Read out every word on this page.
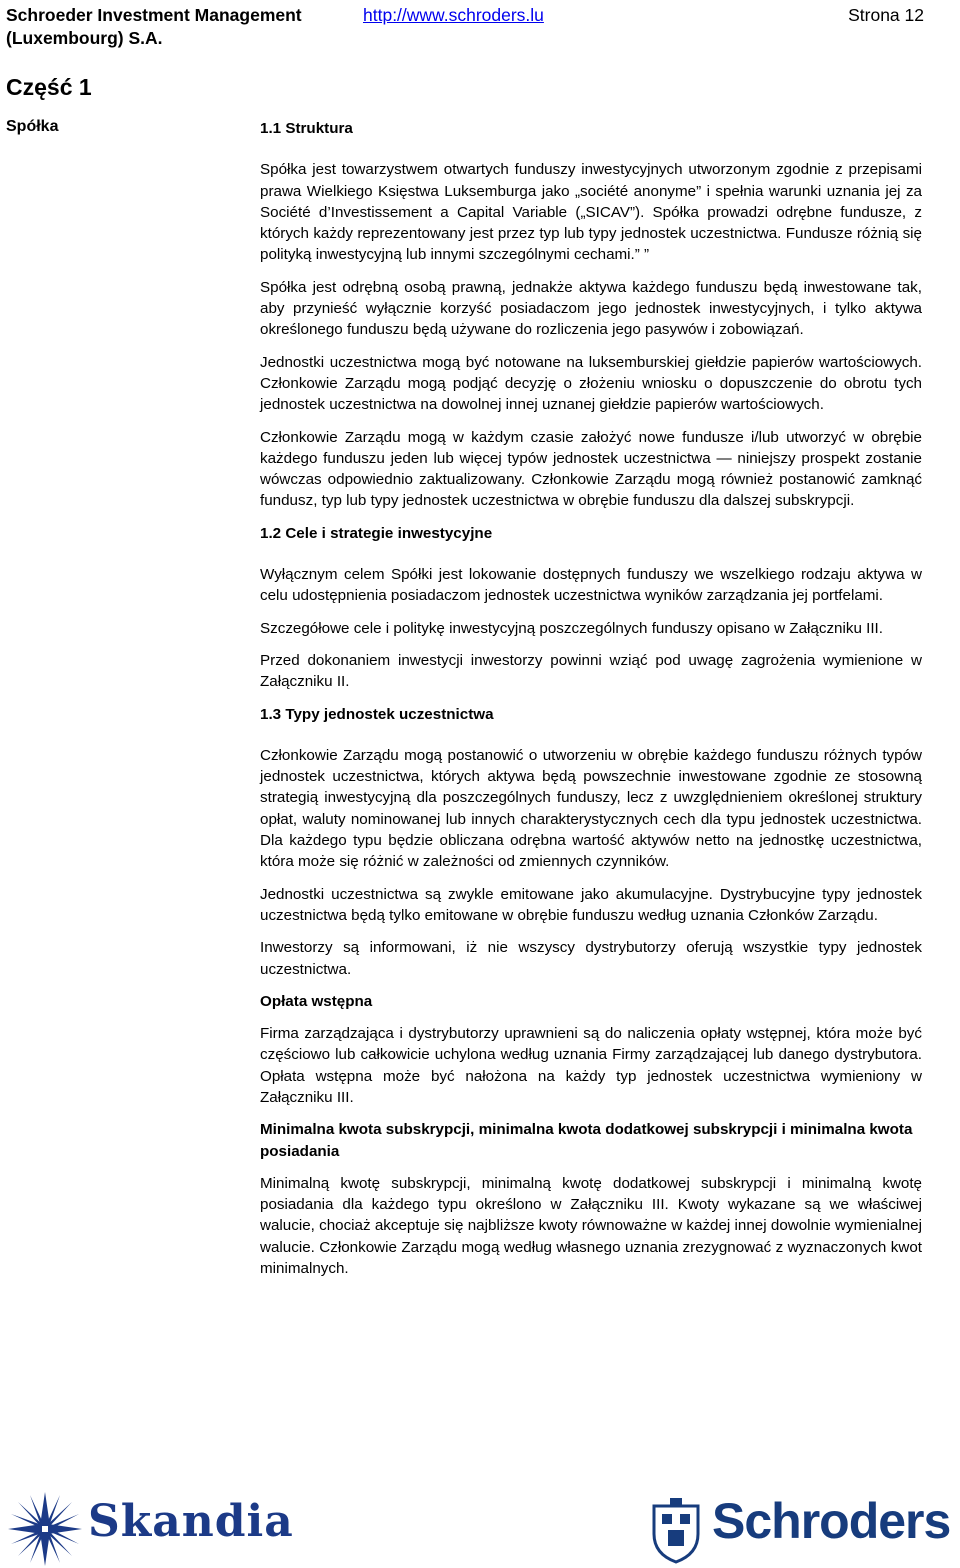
Schroeder Investment Management (Luxembourg) S.A.
http://www.schroders.lu	Strona 12
Część 1
Spółka	1.1 Struktura

Spółka jest towarzystwem otwartych funduszy inwestycyjnych utworzonym zgodnie z przepisami prawa Wielkiego Księstwa Luksemburga jako „société anonyme” i spełnia warunki uznania jej za Société d’Investissement a Capital Variable („SICAV”). Spółka prowadzi odrębne fundusze, z których każdy reprezentowany jest przez typ lub typy jednostek uczestnictwa. Fundusze różnią się polityką inwestycyjną lub innymi szczególnymi cechami.” ”

Spółka jest odrębną osobą prawną, jednakże aktywa każdego funduszu będą inwestowane tak, aby przynieść wyłącznie korzyść posiadaczom jego jednostek inwestycyjnych, i tylko aktywa określonego funduszu będą używane do rozliczenia jego pasywów i zobowiązań.

Jednostki uczestnictwa mogą być notowane na luksemburskiej giełdzie papierów wartościowych. Członkowie Zarządu mogą podjąć decyzję o złożeniu wniosku o dopuszczenie do obrotu tych jednostek uczestnictwa na dowolnej innej uznanej giełdzie papierów wartościowych.

Członkowie Zarządu mogą w każdym czasie założyć nowe fundusze i/lub utworzyć w obrębie każdego funduszu jeden lub więcej typów jednostek uczestnictwa — niniejszy prospekt zostanie wówczas odpowiednio zaktualizowany. Członkowie Zarządu mogą również postanowić zamknąć fundusz, typ lub typy jednostek uczestnictwa w obrębie funduszu dla dalszej subskrypcji.

1.2 Cele i strategie inwestycyjne

Wyłącznym celem Spółki jest lokowanie dostępnych funduszy we wszelkiego rodzaju aktywa w celu udostępnienia posiadaczom jednostek uczestnictwa wyników zarządzania jej portfelami.

Szczegółowe cele i politykę inwestycyjną poszczególnych funduszy opisano w Załączniku III.

Przed dokonaniem inwestycji inwestorzy powinni wziąć pod uwagę zagrożenia wymienione w Załączniku II.

1.3 Typy jednostek uczestnictwa

Członkowie Zarządu mogą postanowić o utworzeniu w obrębie każdego funduszu różnych typów jednostek uczestnictwa, których aktywa będą powszechnie inwestowane zgodnie ze stosowną strategią inwestycyjną dla poszczególnych funduszy, lecz z uwzględnieniem określonej struktury opłat, waluty nominowanej lub innych charakterystycznych cech dla typu jednostek uczestnictwa. Dla każdego typu będzie obliczana odrębna wartość aktywów netto na jednostkę uczestnictwa, która może się różnić w zależności od zmiennych czynników.

Jednostki uczestnictwa są zwykle emitowane jako akumulacyjne. Dystrybucyjne typy jednostek uczestnictwa będą tylko emitowane w obrębie funduszu według uznania Członków Zarządu.

Inwestorzy są informowani, iż nie wszyscy dystrybutorzy oferują wszystkie typy jednostek uczestnictwa.

Opłata wstępna

Firma zarządzająca i dystrybutorzy uprawnieni są do naliczenia opłaty wstępnej, która może być częściowo lub całkowicie uchylona według uznania Firmy zarządzającej lub danego dystrybutora. Opłata wstępna może być nałożona na każdy typ jednostek uczestnictwa wymieniony w Załączniku III.

Minimalna kwota subskrypcji, minimalna kwota dodatkowej subskrypcji i minimalna kwota posiadania

Minimalną kwotę subskrypcji, minimalną kwotę dodatkowej subskrypcji i minimalną kwotę posiadania dla każdego typu określono w Załączniku III. Kwoty wykazane są we właściwej walucie, chociaż akceptuje się najbliższe kwoty równoważne w każdej innej dowolnie wymienialnej walucie. Członkowie Zarządu mogą według własnego uznania zrezygnować z wyznaczonych kwot minimalnych.

Skandia	Schroders
